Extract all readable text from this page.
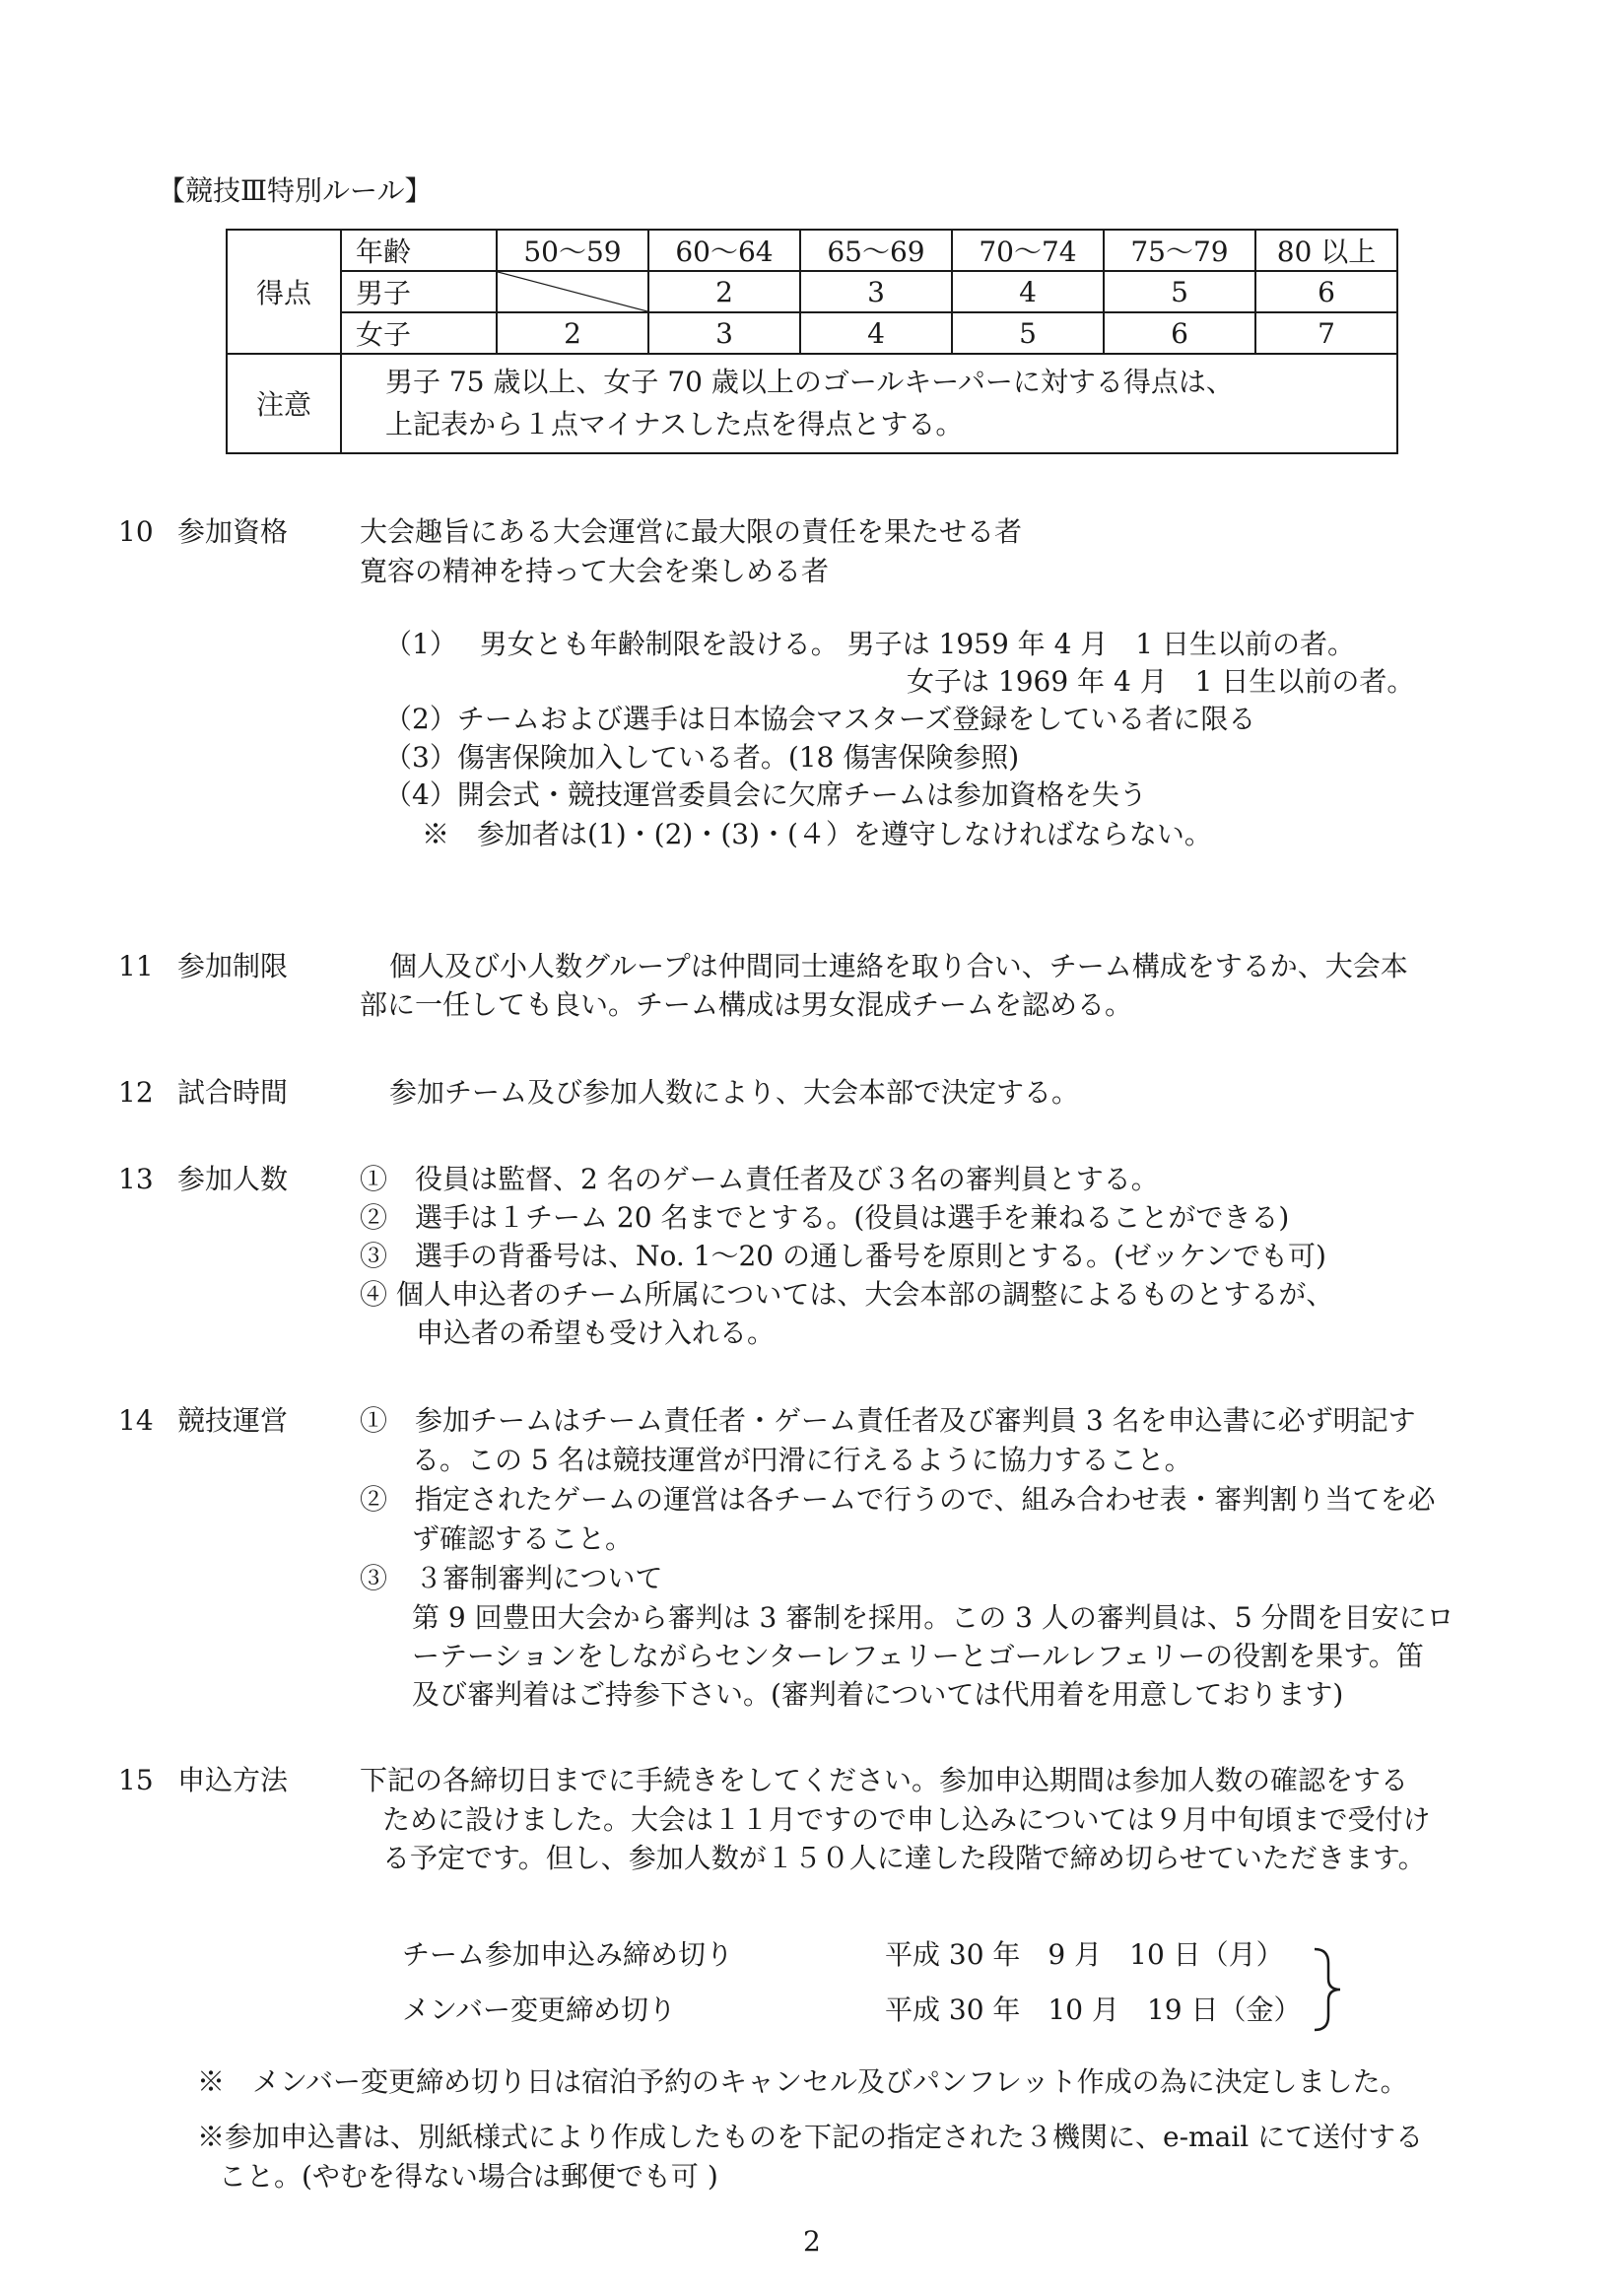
【競技Ⅲ特別ルール】
得点	年齢	50～59	60～64	65～69	70～74	75～79	80 以上
	男子		2	3	4	5	6
	女子	2	3	4	5	6	7
注意	男子 75 歳以上、女子 70 歳以上のゴールキーパーに対する得点は、
上記表から１点マイナスした点を得点とする。						
10 参加資格	大会趣旨にある大会運営に最大限の責任を果たせる者
寛容の精神を持って大会を楽しめる者
（1）　 男女とも年齢制限を設ける。 男子は 1959 年 4 月　1 日生以前の者。
女子は 1969 年 4 月　1 日生以前の者。
（2）チームおよび選手は日本協会マスターズ登録をしている者に限る
（3）傷害保険加入している者。(18 傷害保険参照)
（4）開会式・競技運営委員会に欠席チームは参加資格を失う
※　参加者は(1)・(2)・(3)・(４）を遵守しなければならない。
11 参加制限	個人及び小人数グループは仲間同士連絡を取り合い、チーム構成をするか、大会本
部に一任しても良い。チーム構成は男女混成チームを認める。
12 試合時間	参加チーム及び参加人数により、大会本部で決定する。
13 参加人数	①　役員は監督、2 名のゲーム責任者及び３名の審判員とする。
②　選手は１チーム 20 名までとする。(役員は選手を兼ねることができる)
③　選手の背番号は、No. 1～20 の通し番号を原則とする。(ゼッケンでも可)
④ 個人申込者のチーム所属については、大会本部の調整によるものとするが、
申込者の希望も受け入れる。
14 競技運営	①　参加チームはチーム責任者・ゲーム責任者及び審判員 3 名を申込書に必ず明記す
る。この 5 名は競技運営が円滑に行えるように協力すること。
②　指定されたゲームの運営は各チームで行うので、組み合わせ表・審判割り当てを必
ず確認すること。
③　３審制審判について
第 9 回豊田大会から審判は 3 審制を採用。この 3 人の審判員は、5 分間を目安にロ
ーテーションをしながらセンターレフェリーとゴールレフェリーの役割を果す。笛
及び審判着はご持参下さい。(審判着については代用着を用意しております)
15 申込方法	下記の各締切日までに手続きをしてください。参加申込期間は参加人数の確認をする
ために設けました。大会は１１月ですので申し込みについては９月中旬頃まで受付け
る予定です。但し、参加人数が１５０人に達した段階で締め切らせていただきます。
チーム参加申込み締め切り	平成 30 年　9 月　10 日（月）
メンバー変更締め切り	平成 30 年　10 月　19 日（金）
※　メンバー変更締め切り日は宿泊予約のキャンセル及びパンフレット作成の為に決定しました。
※参加申込書は、別紙様式により作成したものを下記の指定された３機関に、e-mail にて送付する
こと。(やむを得ない場合は郵便でも可 )
2
